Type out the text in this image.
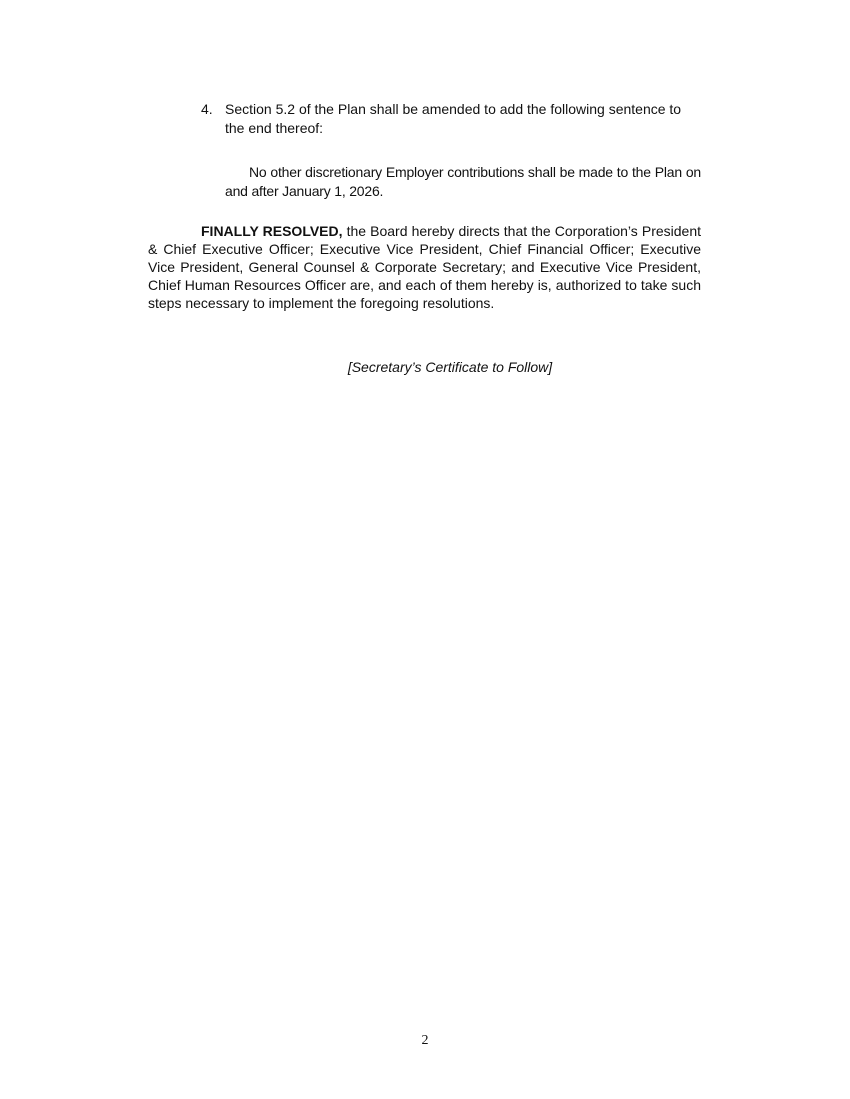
4. Section 5.2 of the Plan shall be amended to add the following sentence to the end thereof:
No other discretionary Employer contributions shall be made to the Plan on and after January 1, 2026.
FINALLY RESOLVED, the Board hereby directs that the Corporation’s President & Chief Executive Officer; Executive Vice President, Chief Financial Officer; Executive Vice President, General Counsel & Corporate Secretary; and Executive Vice President, Chief Human Resources Officer are, and each of them hereby is, authorized to take such steps necessary to implement the foregoing resolutions.
[Secretary’s Certificate to Follow]
2
